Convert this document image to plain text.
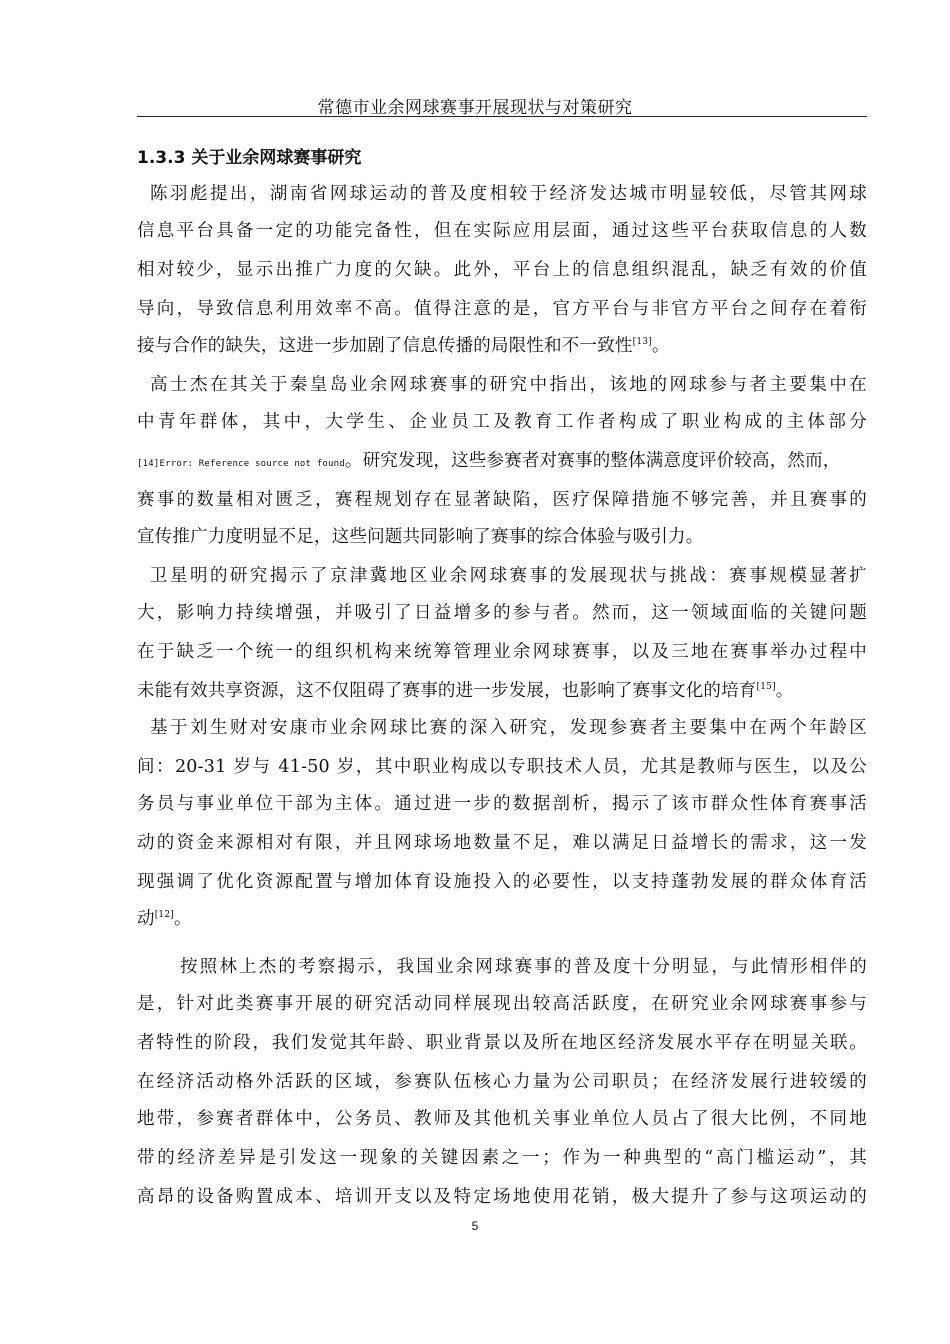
常德市业余网球赛事开展现状与对策研究
1.3.3 关于业余网球赛事研究
陈羽彪提出，湖南省网球运动的普及度相较于经济发达城市明显较低，尽管其网球
信息平台具备一定的功能完备性，但在实际应用层面，通过这些平台获取信息的人数
相对较少，显示出推广力度的欠缺。此外，平台上的信息组织混乱，缺乏有效的价值
导向，导致信息利用效率不高。值得注意的是，官方平台与非官方平台之间存在着衔
接与合作的缺失，这进一步加剧了信息传播的局限性和不一致性[13]。
高士杰在其关于秦皇岛业余网球赛事的研究中指出，该地的网球参与者主要集中在
中青年群体，其中，大学生、企业员工及教育工作者构成了职业构成的主体部分
[14]Error: Reference source not found。研究发现，这些参赛者对赛事的整体满意度评价较高，然而，
赛事的数量相对匮乏，赛程规划存在显著缺陷，医疗保障措施不够完善，并且赛事的
宣传推广力度明显不足，这些问题共同影响了赛事的综合体验与吸引力。
卫星明的研究揭示了京津冀地区业余网球赛事的发展现状与挑战：赛事规模显著扩
大，影响力持续增强，并吸引了日益增多的参与者。然而，这一领域面临的关键问题
在于缺乏一个统一的组织机构来统筹管理业余网球赛事，以及三地在赛事举办过程中
未能有效共享资源，这不仅阻碍了赛事的进一步发展，也影响了赛事文化的培育[15]。
基于刘生财对安康市业余网球比赛的深入研究，发现参赛者主要集中在两个年龄区
间：20-31 岁与 41-50 岁，其中职业构成以专职技术人员，尤其是教师与医生，以及公
务员与事业单位干部为主体。通过进一步的数据剖析，揭示了该市群众性体育赛事活
动的资金来源相对有限，并且网球场地数量不足，难以满足日益增长的需求，这一发
现强调了优化资源配置与增加体育设施投入的必要性，以支持蓬勃发展的群众体育活
动[12]。
按照林上杰的考察揭示，我国业余网球赛事的普及度十分明显，与此情形相伴的
是，针对此类赛事开展的研究活动同样展现出较高活跃度，在研究业余网球赛事参与
者特性的阶段，我们发觉其年龄、职业背景以及所在地区经济发展水平存在明显关联。
在经济活动格外活跃的区域，参赛队伍核心力量为公司职员；在经济发展行进较缓的
地带，参赛者群体中，公务员、教师及其他机关事业单位人员占了很大比例，不同地
带的经济差异是引发这一现象的关键因素之一；作为一种典型的“高门槛运动”，其
高昂的设备购置成本、培训开支以及特定场地使用花销，极大提升了参与这项运动的
5
